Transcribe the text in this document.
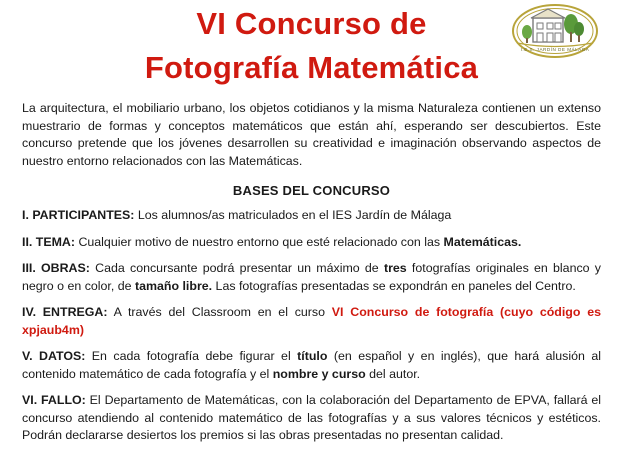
I.E.S. JARDÍN DE MÁLAGA
VI Concurso de
Fotografía Matemática

La arquitectura, el mobiliario urbano, los objetos cotidianos y la misma Naturaleza contienen un extenso muestrario de formas y conceptos matemáticos que están ahí, esperando ser descubiertos. Este concurso pretende que los jóvenes desarrollen su creatividad e imaginación observando aspectos de nuestro entorno relacionados con las Matemáticas.

BASES DEL CONCURSO

I. PARTICIPANTES: Los alumnos/as matriculados en el IES Jardín de Málaga

II. TEMA: Cualquier motivo de nuestro entorno que esté relacionado con las Matemáticas.

III. OBRAS: Cada concursante podrá presentar un máximo de tres fotografías originales en blanco y negro o en color, de tamaño libre. Las fotografías presentadas se expondrán en paneles del Centro.

IV. ENTREGA: A través del Classroom en el curso VI Concurso de fotografía (cuyo código es xpjaub4m)

V. DATOS: En cada fotografía debe figurar el título (en español y en inglés), que hará alusión al contenido matemático de cada fotografía y el nombre y curso del autor.

VI. FALLO: El Departamento de Matemáticas, con la colaboración del Departamento de EPVA, fallará el concurso atendiendo al contenido matemático de las fotografías y a sus valores técnicos y estéticos. Podrán declararse desiertos los premios si las obras presentadas no presentan calidad.
